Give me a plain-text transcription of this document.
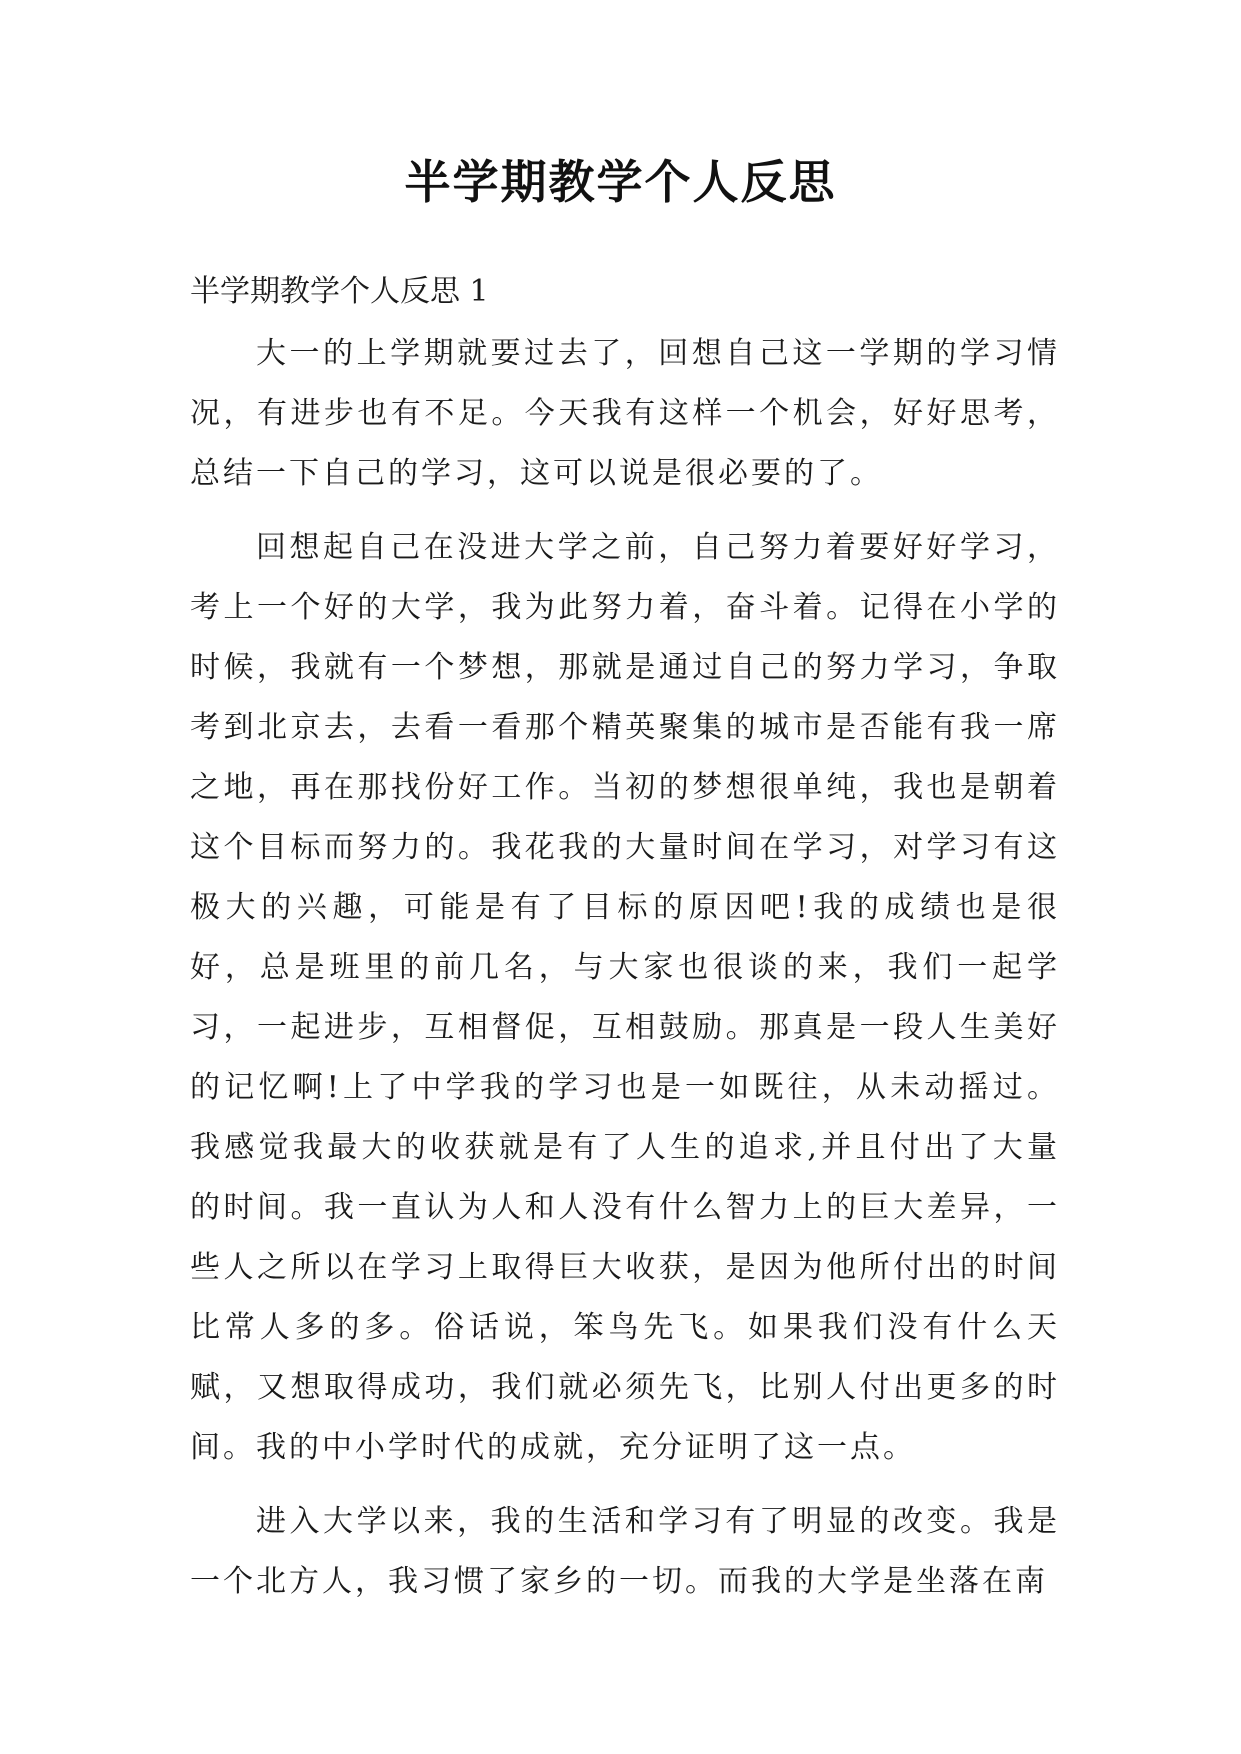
半学期教学个人反思

半学期教学个人反思 1

大一的上学期就要过去了，回想自己这一学期的学习情况，有进步也有不足。今天我有这样一个机会，好好思考，总结一下自己的学习，这可以说是很必要的了。

回想起自己在没进大学之前，自己努力着要好好学习，考上一个好的大学，我为此努力着，奋斗着。记得在小学的时候，我就有一个梦想，那就是通过自己的努力学习，争取考到北京去，去看一看那个精英聚集的城市是否能有我一席之地，再在那找份好工作。当初的梦想很单纯，我也是朝着这个目标而努力的。我花我的大量时间在学习，对学习有这极大的兴趣，可能是有了目标的原因吧!我的成绩也是很好，总是班里的前几名，与大家也很谈的来，我们一起学习，一起进步，互相督促，互相鼓励。那真是一段人生美好的记忆啊!上了中学我的学习也是一如既往，从未动摇过。我感觉我最大的收获就是有了人生的追求,并且付出了大量的时间。我一直认为人和人没有什么智力上的巨大差异，一些人之所以在学习上取得巨大收获，是因为他所付出的时间比常人多的多。俗话说，笨鸟先飞。如果我们没有什么天赋，又想取得成功，我们就必须先飞，比别人付出更多的时间。我的中小学时代的成就，充分证明了这一点。

进入大学以来，我的生活和学习有了明显的改变。我是一个北方人，我习惯了家乡的一切。而我的大学是坐落在南
